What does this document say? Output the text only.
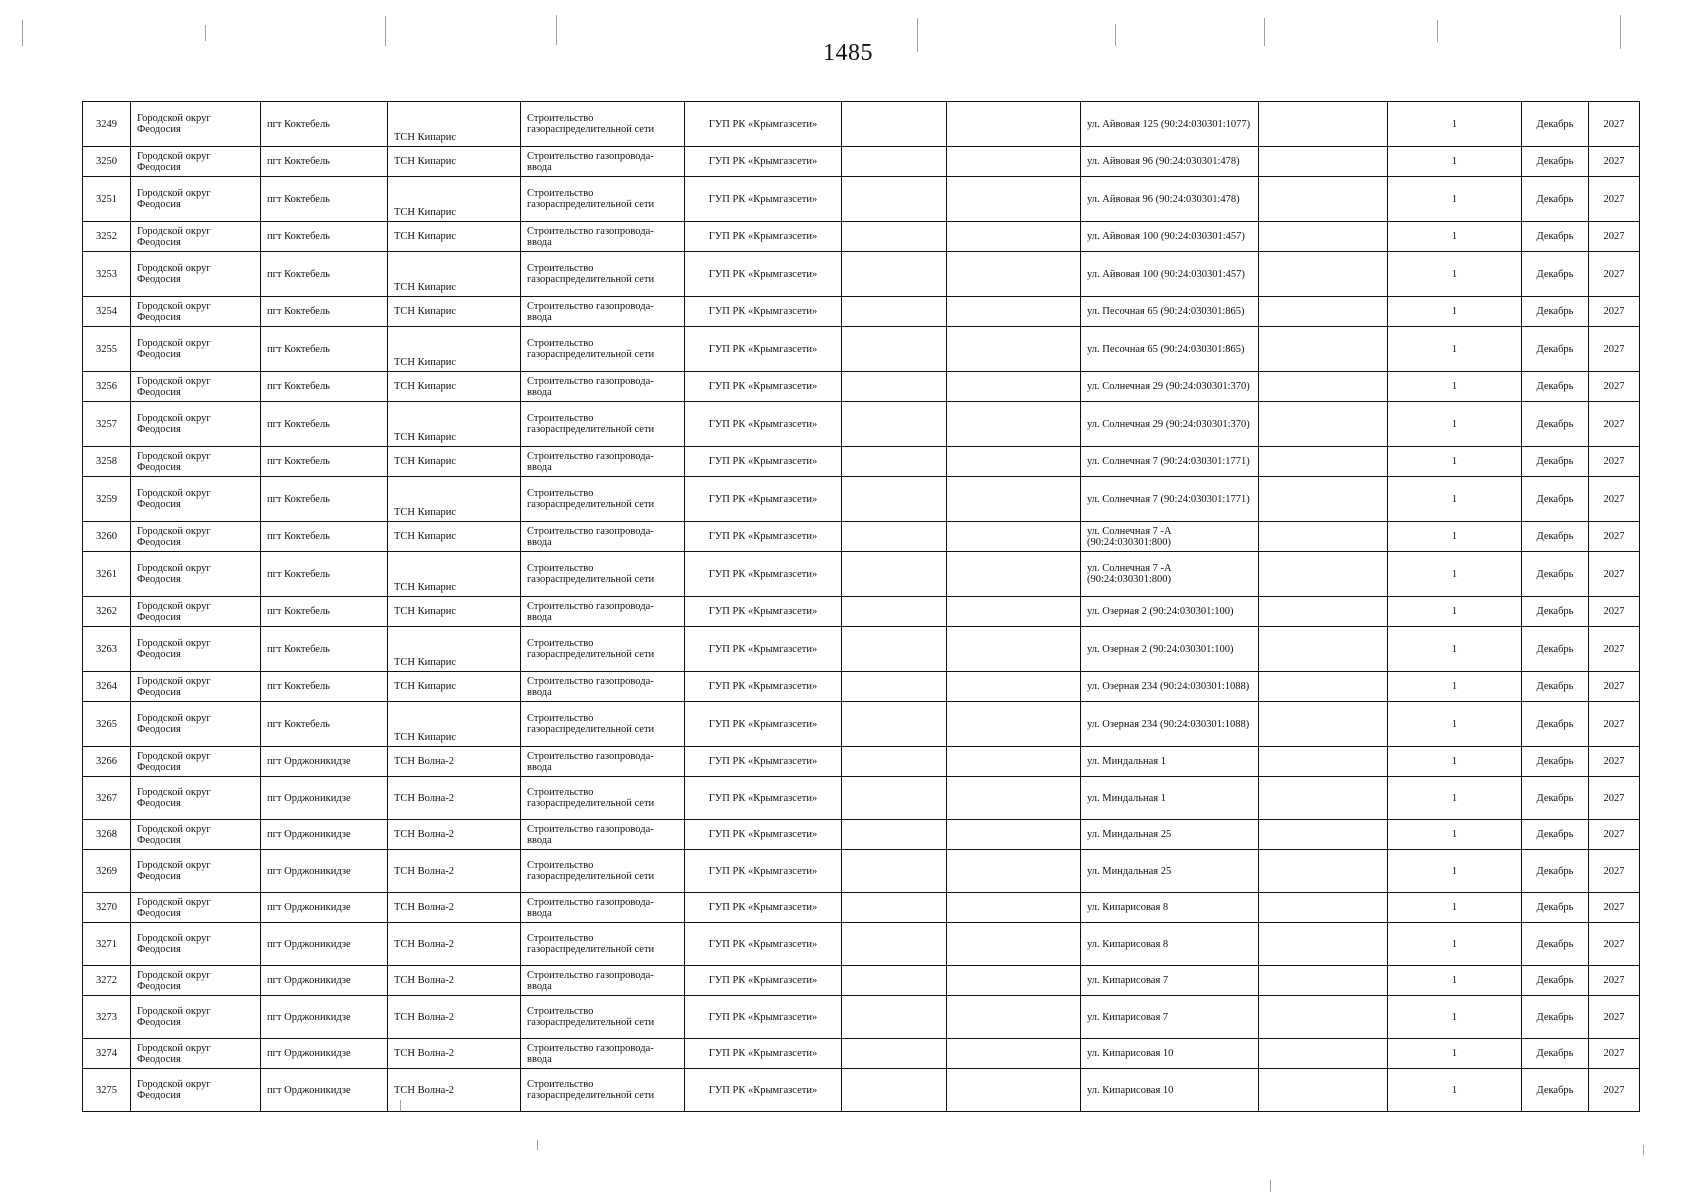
1485
3249	Городской округ Феодосия	пгт Коктебель	ТСН Кипарис	Строительство газораспределительной сети	ГУП РК «Крымгазсети»			ул. Айвовая 125 (90:24:030301:1077)		1	Декабрь	2027
3250	Городской округ Феодосия	пгт Коктебель	ТСН Кипарис	Строительство газопровода-ввода	ГУП РК «Крымгазсети»			ул. Айвовая 96 (90:24:030301:478)		1	Декабрь	2027
3251	Городской округ Феодосия	пгт Коктебель	ТСН Кипарис	Строительство газораспределительной сети	ГУП РК «Крымгазсети»			ул. Айвовая 96 (90:24:030301:478)		1	Декабрь	2027
3252	Городской округ Феодосия	пгт Коктебель	ТСН Кипарис	Строительство газопровода-ввода	ГУП РК «Крымгазсети»			ул. Айвовая 100 (90:24:030301:457)		1	Декабрь	2027
3253	Городской округ Феодосия	пгт Коктебель	ТСН Кипарис	Строительство газораспределительной сети	ГУП РК «Крымгазсети»			ул. Айвовая 100 (90:24:030301:457)		1	Декабрь	2027
3254	Городской округ Феодосия	пгт Коктебель	ТСН Кипарис	Строительство газопровода-ввода	ГУП РК «Крымгазсети»			ул. Песочная 65 (90:24:030301:865)		1	Декабрь	2027
3255	Городской округ Феодосия	пгт Коктебель	ТСН Кипарис	Строительство газораспределительной сети	ГУП РК «Крымгазсети»			ул. Песочная 65 (90:24:030301:865)		1	Декабрь	2027
3256	Городской округ Феодосия	пгт Коктебель	ТСН Кипарис	Строительство газопровода-ввода	ГУП РК «Крымгазсети»			ул. Солнечная 29 (90:24:030301:370)		1	Декабрь	2027
3257	Городской округ Феодосия	пгт Коктебель	ТСН Кипарис	Строительство газораспределительной сети	ГУП РК «Крымгазсети»			ул. Солнечная 29 (90:24:030301:370)		1	Декабрь	2027
3258	Городской округ Феодосия	пгт Коктебель	ТСН Кипарис	Строительство газопровода-ввода	ГУП РК «Крымгазсети»			ул. Солнечная 7 (90:24:030301:1771)		1	Декабрь	2027
3259	Городской округ Феодосия	пгт Коктебель	ТСН Кипарис	Строительство газораспределительной сети	ГУП РК «Крымгазсети»			ул. Солнечная 7 (90:24:030301:1771)		1	Декабрь	2027
3260	Городской округ Феодосия	пгт Коктебель	ТСН Кипарис	Строительство газопровода-ввода	ГУП РК «Крымгазсети»			ул. Солнечная 7 -А (90:24:030301:800)		1	Декабрь	2027
3261	Городской округ Феодосия	пгт Коктебель	ТСН Кипарис	Строительство газораспределительной сети	ГУП РК «Крымгазсети»			ул. Солнечная 7 -А (90:24:030301:800)		1	Декабрь	2027
3262	Городской округ Феодосия	пгт Коктебель	ТСН Кипарис	Строительство газопровода-ввода	ГУП РК «Крымгазсети»			ул. Озерная 2 (90:24:030301:100)		1	Декабрь	2027
3263	Городской округ Феодосия	пгт Коктебель	ТСН Кипарис	Строительство газораспределительной сети	ГУП РК «Крымгазсети»			ул. Озерная 2 (90:24:030301:100)		1	Декабрь	2027
3264	Городской округ Феодосия	пгт Коктебель	ТСН Кипарис	Строительство газопровода-ввода	ГУП РК «Крымгазсети»			ул. Озерная 234 (90:24:030301:1088)		1	Декабрь	2027
3265	Городской округ Феодосия	пгт Коктебель	ТСН Кипарис	Строительство газораспределительной сети	ГУП РК «Крымгазсети»			ул. Озерная 234 (90:24:030301:1088)		1	Декабрь	2027
3266	Городской округ Феодосия	пгт Орджоникидзе	ТСН Волна-2	Строительство газопровода-ввода	ГУП РК «Крымгазсети»			ул. Миндальная 1		1	Декабрь	2027
3267	Городской округ Феодосия	пгт Орджоникидзе	ТСН Волна-2	Строительство газораспределительной сети	ГУП РК «Крымгазсети»			ул. Миндальная 1		1	Декабрь	2027
3268	Городской округ Феодосия	пгт Орджоникидзе	ТСН Волна-2	Строительство газопровода-ввода	ГУП РК «Крымгазсети»			ул. Миндальная 25		1	Декабрь	2027
3269	Городской округ Феодосия	пгт Орджоникидзе	ТСН Волна-2	Строительство газораспределительной сети	ГУП РК «Крымгазсети»			ул. Миндальная 25		1	Декабрь	2027
3270	Городской округ Феодосия	пгт Орджоникидзе	ТСН Волна-2	Строительство газопровода-ввода	ГУП РК «Крымгазсети»			ул. Кипарисовая 8		1	Декабрь	2027
3271	Городской округ Феодосия	пгт Орджоникидзе	ТСН Волна-2	Строительство газораспределительной сети	ГУП РК «Крымгазсети»			ул. Кипарисовая 8		1	Декабрь	2027
3272	Городской округ Феодосия	пгт Орджоникидзе	ТСН Волна-2	Строительство газопровода-ввода	ГУП РК «Крымгазсети»			ул. Кипарисовая 7		1	Декабрь	2027
3273	Городской округ Феодосия	пгт Орджоникидзе	ТСН Волна-2	Строительство газораспределительной сети	ГУП РК «Крымгазсети»			ул. Кипарисовая 7		1	Декабрь	2027
3274	Городской округ Феодосия	пгт Орджоникидзе	ТСН Волна-2	Строительство газопровода-ввода	ГУП РК «Крымгазсети»			ул. Кипарисовая 10		1	Декабрь	2027
3275	Городской округ Феодосия	пгт Орджоникидзе	ТСН Волна-2	Строительство газораспределительной сети	ГУП РК «Крымгазсети»			ул. Кипарисовая 10		1	Декабрь	2027
